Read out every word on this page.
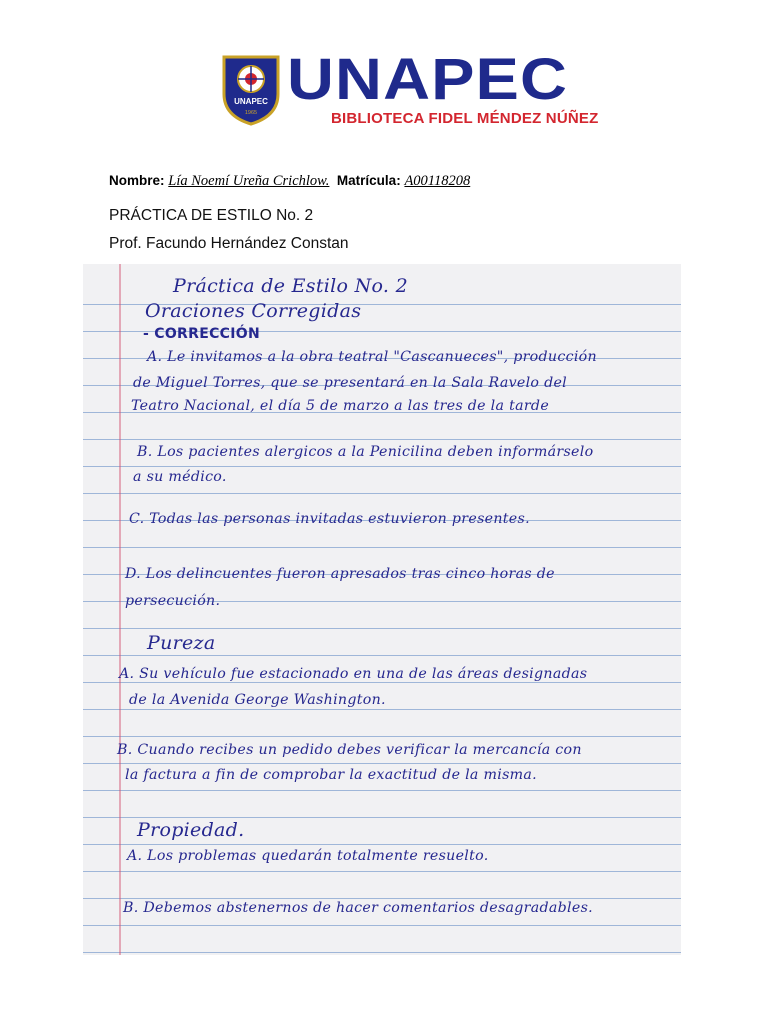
UNAPEC
1965
UNAPEC
BIBLIOTECA FIDEL MÉNDEZ NÚÑEZ
Nombre: Lía Noemí Ureña Crichlow. Matrícula: A00118208
PRÁCTICA DE ESTILO No. 2
Prof. Facundo Hernández Constan
Práctica de Estilo No. 2
Oraciones Corregidas
- CORRECCIÓN
A. Le invitamos a la obra teatral "Cascanueces", producción
de Miguel Torres, que se presentará en la Sala Ravelo del
Teatro Nacional, el día 5 de marzo a las tres de la tarde
B. Los pacientes alergicos a la Penicilina deben informárselo
a su médico.
C. Todas las personas invitadas estuvieron presentes.
D. Los delincuentes fueron apresados tras cinco horas de
persecución.
Pureza
A. Su vehículo fue estacionado en una de las áreas designadas
de la Avenida George Washington.
B. Cuando recibes un pedido debes verificar la mercancía con
la factura a fin de comprobar la exactitud de la misma.
Propiedad.
A. Los problemas quedarán totalmente resuelto.
B. Debemos abstenernos de hacer comentarios desagradables.
